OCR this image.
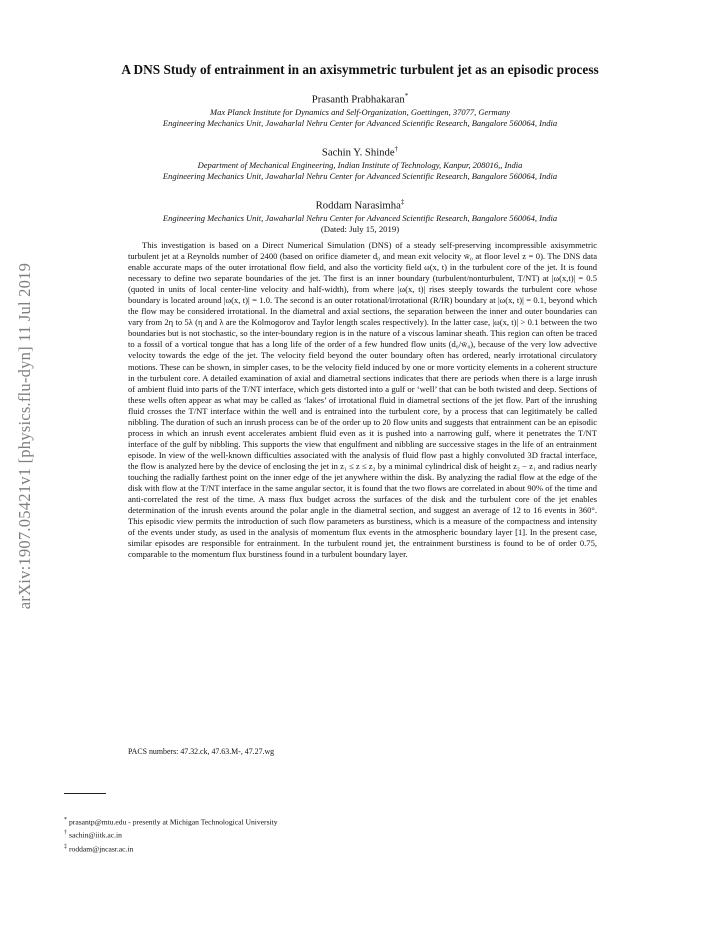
arXiv:1907.05421v1 [physics.flu-dyn] 11 Jul 2019
A DNS Study of entrainment in an axisymmetric turbulent jet as an episodic process
Prasanth Prabhakaran*
Max Planck Institute for Dynamics and Self-Organization, Goettingen, 37077, Germany
Engineering Mechanics Unit, Jawaharlal Nehru Center for Advanced Scientific Research, Bangalore 560064, India
Sachin Y. Shinde†
Department of Mechanical Engineering, Indian Institute of Technology, Kanpur, 208016,, India
Engineering Mechanics Unit, Jawaharlal Nehru Center for Advanced Scientific Research, Bangalore 560064, India
Roddam Narasimha‡
Engineering Mechanics Unit, Jawaharlal Nehru Center for Advanced Scientific Research, Bangalore 560064, India
(Dated: July 15, 2019)

This investigation is based on a Direct Numerical Simulation (DNS) of a steady self-preserving incompressible axisymmetric turbulent jet at a Reynolds number of 2400 (based on orifice diameter d₀ and mean exit velocity w̄₀ at floor level z = 0). The DNS data enable accurate maps of the outer irrotational flow field, and also the vorticity field ω(x, t) in the turbulent core of the jet. It is found necessary to define two separate boundaries of the jet. The first is an inner boundary (turbulent/nonturbulent, T/NT) at |ω(x,t)| = 0.5 (quoted in units of local center-line velocity and half-width), from where |ω(x, t)| rises steeply towards the turbulent core whose boundary is located around |ω(x, t)| = 1.0. The second is an outer rotational/irrotational (R/IR) boundary at |ω(x, t)| = 0.1, beyond which the flow may be considered irrotational. In the diametral and axial sections, the separation between the inner and outer boundaries can vary from 2η to 5λ (η and λ are the Kolmogorov and Taylor length scales respectively). In the latter case, |ω(x, t)| > 0.1 between the two boundaries but is not stochastic, so the inter-boundary region is in the nature of a viscous laminar sheath. This region can often be traced to a fossil of a vortical tongue that has a long life of the order of a few hundred flow units (d₀/w̄₀), because of the very low advective velocity towards the edge of the jet. The velocity field beyond the outer boundary often has ordered, nearly irrotational circulatory motions. These can be shown, in simpler cases, to be the velocity field induced by one or more vorticity elements in a coherent structure in the turbulent core. A detailed examination of axial and diametral sections indicates that there are periods when there is a large inrush of ambient fluid into parts of the T/NT interface, which gets distorted into a gulf or ‘well’ that can be both twisted and deep. Sections of these wells often appear as what may be called as ‘lakes’ of irrotational fluid in diametral sections of the jet flow. Part of the inrushing fluid crosses the T/NT interface within the well and is entrained into the turbulent core, by a process that can legitimately be called nibbling. The duration of such an inrush process can be of the order up to 20 flow units and suggests that entrainment can be an episodic process in which an inrush event accelerates ambient fluid even as it is pushed into a narrowing gulf, where it penetrates the T/NT interface of the gulf by nibbling. This supports the view that engulfment and nibbling are successive stages in the life of an entrainment episode. In view of the well-known difficulties associated with the analysis of fluid flow past a highly convoluted 3D fractal interface, the flow is analyzed here by the device of enclosing the jet in z₁ ≤ z ≤ z₂ by a minimal cylindrical disk of height z₂ − z₁ and radius nearly touching the radially farthest point on the inner edge of the jet anywhere within the disk. By analyzing the radial flow at the edge of the disk with flow at the T/NT interface in the same angular sector, it is found that the two flows are correlated in about 90% of the time and anti-correlated the rest of the time. A mass flux budget across the surfaces of the disk and the turbulent core of the jet enables determination of the inrush events around the polar angle in the diametral section, and suggest an average of 12 to 16 events in 360°. This episodic view permits the introduction of such flow parameters as burstiness, which is a measure of the compactness and intensity of the events under study, as used in the analysis of momentum flux events in the atmospheric boundary layer [1]. In the present case, similar episodes are responsible for entrainment. In the turbulent round jet, the entrainment burstiness is found to be of order 0.75, comparable to the momentum flux burstiness found in a turbulent boundary layer.

PACS numbers: 47.32.ck, 47.63.M-, 47.27.wg
* prasantp@mtu.edu - presently at Michigan Technological University
† sachin@iitk.ac.in
‡ roddam@jncasr.ac.in
